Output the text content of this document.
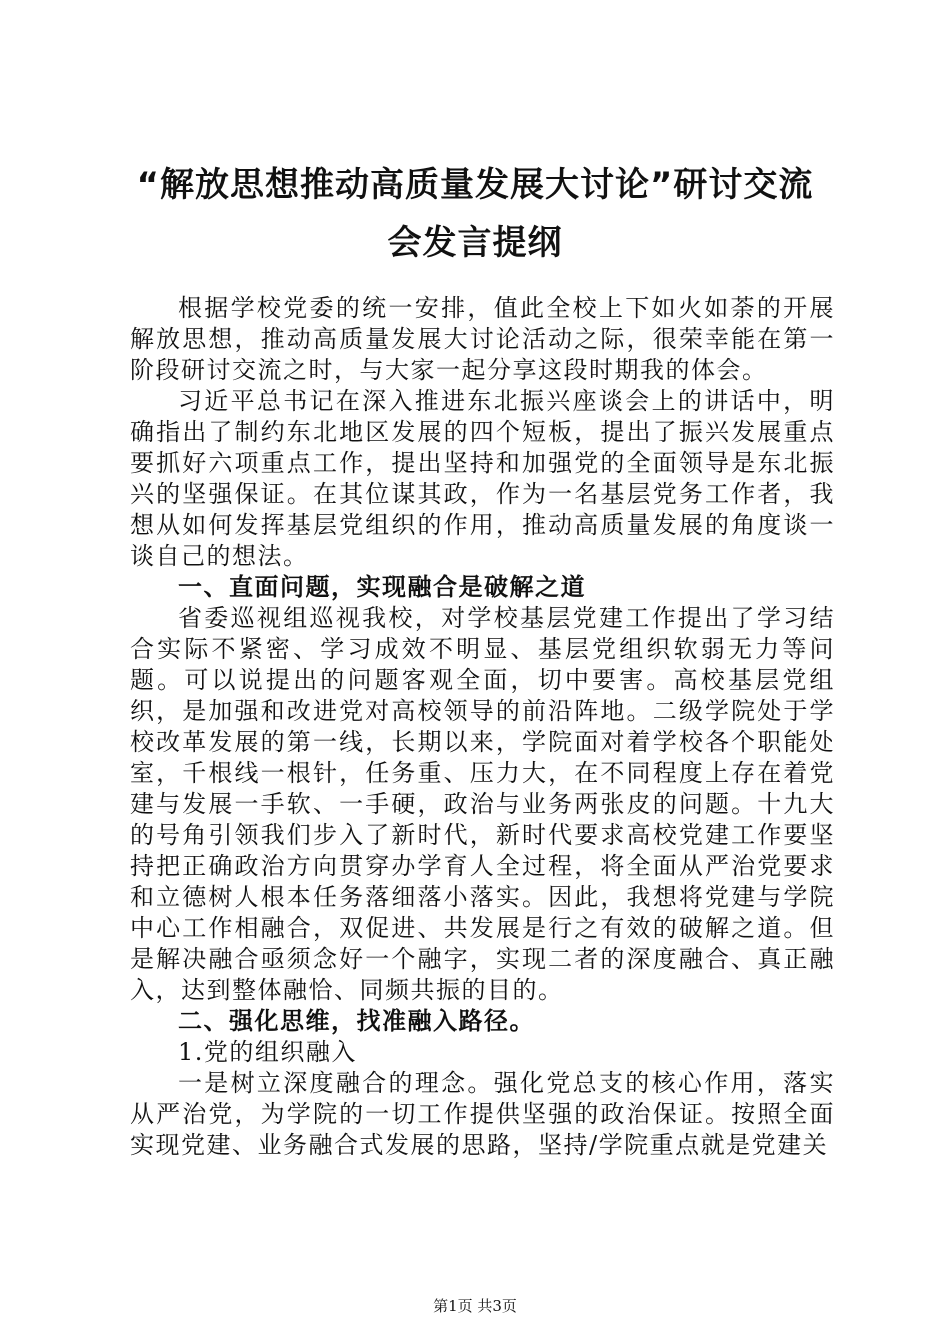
“解放思想推动高质量发展大讨论”研讨交流
会发言提纲

根据学校党委的统一安排，值此全校上下如火如荼的开展解放思想，推动高质量发展大讨论活动之际，很荣幸能在第一阶段研讨交流之时，与大家一起分享这段时期我的体会。

习近平总书记在深入推进东北振兴座谈会上的讲话中，明确指出了制约东北地区发展的四个短板，提出了振兴发展重点要抓好六项重点工作，提出坚持和加强党的全面领导是东北振兴的坚强保证。在其位谋其政，作为一名基层党务工作者，我想从如何发挥基层党组织的作用，推动高质量发展的角度谈一谈自己的想法。

一、直面问题，实现融合是破解之道

省委巡视组巡视我校，对学校基层党建工作提出了学习结合实际不紧密、学习成效不明显、基层党组织软弱无力等问题。可以说提出的问题客观全面，切中要害。高校基层党组织，是加强和改进党对高校领导的前沿阵地。二级学院处于学校改革发展的第一线，长期以来，学院面对着学校各个职能处室，千根线一根针，任务重、压力大，在不同程度上存在着党建与发展一手软、一手硬，政治与业务两张皮的问题。十九大的号角引领我们步入了新时代，新时代要求高校党建工作要坚持把正确政治方向贯穿办学育人全过程，将全面从严治党要求和立德树人根本任务落细落小落实。因此，我想将党建与学院中心工作相融合，双促进、共发展是行之有效的破解之道。但是解决融合亟须念好一个融字，实现二者的深度融合、真正融入，达到整体融恰、同频共振的目的。

二、强化思维，找准融入路径。

1.党的组织融入

一是树立深度融合的理念。强化党总支的核心作用，落实从严治党，为学院的一切工作提供坚强的政治保证。按照全面实现党建、业务融合式发展的思路，坚持/学院重点就是党建关

第1页 共3页
